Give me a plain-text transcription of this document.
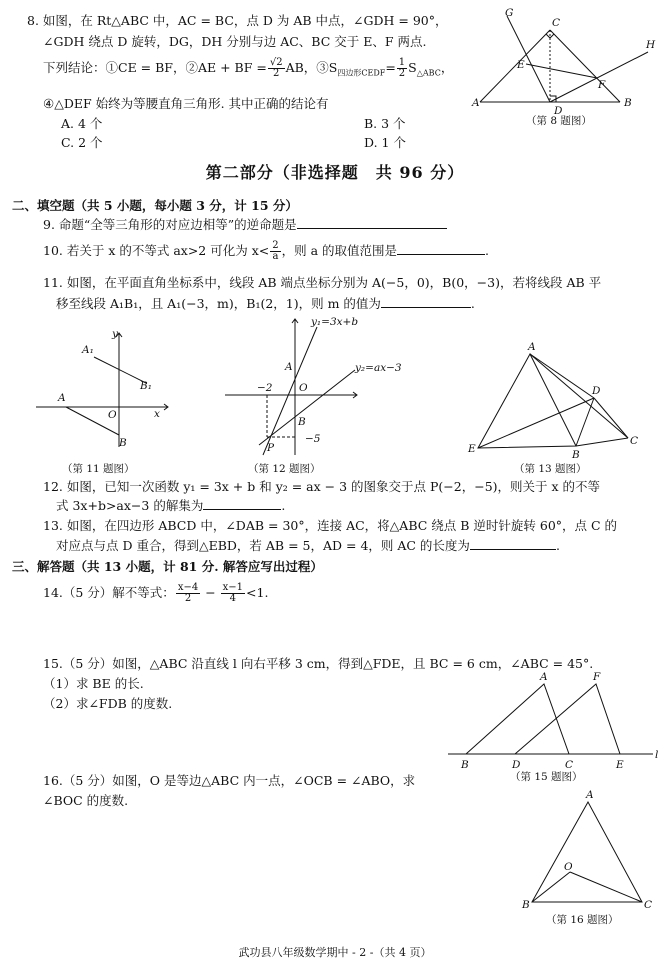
8. 如图，在 Rt△ABC 中，AC = BC，点 D 为 AB 中点，∠GDH = 90°，
∠GDH 绕点 D 旋转，DG，DH 分别与边 AC、BC 交于 E、F 两点.
下列结论：①CE = BF，②AE + BF = $\frac{√2}{2}$ AB，$③S_{四边形CEDF}= \frac{1}{2} S_{\triangle ABC}$，
④△DEF 始终为等腰直角三角形. 其中正确的结论有
A. 4 个	B. 3 个
C. 2 个	D. 1 个
G
C
H
E
F
A
D
B
（第 8 题图）
第二部分（非选择题　共 96 分）
二、填空题（共 5 小题，每小题 3 分，计 15 分）
9. 命题“全等三角形的对应边相等”的逆命题是
10. 若关于 x 的不等式 ax>2 可化为 $x< \frac{2}{a}$ ，则 a 的取值范围是	.
11. 如图，在平面直角坐标系中，线段 AB 端点坐标分别为 A(−5，0)，B(0，−3)，若将线段 AB 平
移至线段 A₁B₁，且 A₁(−3，m)，B₁(2，1)，则 m 的值为	.
A₁
B₁
A
O
B
x
y
（第 11 题图）
y₁=3x+b
y₂=ax−3
A
O
B
P
−2
−5
（第 12 题图）
A
D
E	B
C
（第 13 题图）
12. 如图，已知一次函数 y₁ = 3x + b 和 y₂ = ax − 3 的图象交于点 P(−2，−5)，则关于 x 的不等
式 3x+b>ax−3 的解集为	.
13. 如图，在四边形 ABCD 中，∠DAB = 30°，连接 AC，将△ABC 绕点 B 逆时针旋转 60°，点 C 的
对应点与点 D 重合，得到△EBD，若 AB = 5，AD = 4，则 AC 的长度为	.
三、解答题（共 13 小题，计 81 分. 解答应写出过程）
14.（5 分）解不等式： $\frac{x-4}{2} - \frac{x-1}{4} <1$.
15.（5 分）如图，△ABC 沿直线 l 向右平移 3 cm，得到△FDE，且 BC = 6 cm，∠ABC = 45°.
（1）求 BE 的长.
（2）求∠FDB 的度数.
A	F
B	D	C	E
l
（第 15 题图）
16.（5 分）如图，O 是等边△ABC 内一点，∠OCB = ∠ABO，求
∠BOC 的度数.	A
O
B	C
（第 16 题图）
武功县八年级数学期中 - 2 -（共 4 页）
